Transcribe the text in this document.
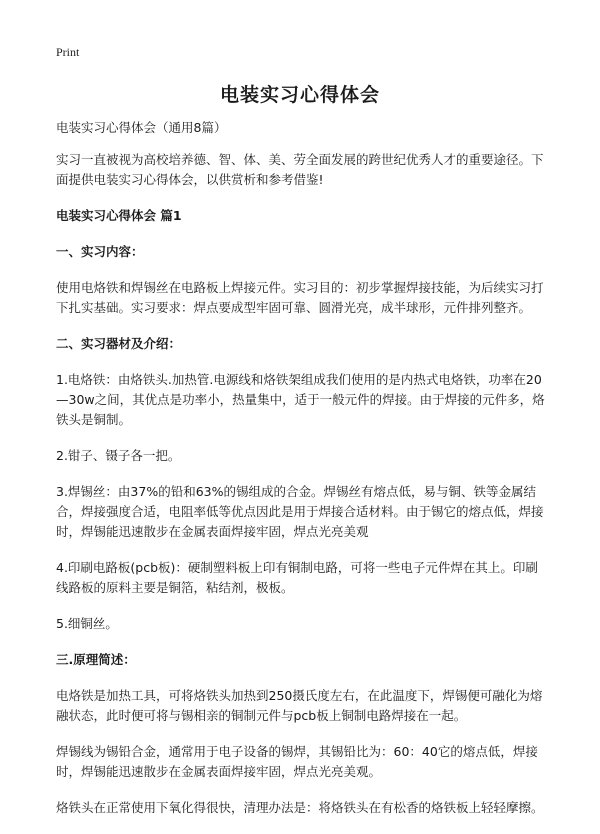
Print
电装实习心得体会

电装实习心得体会（通用8篇）

实习一直被视为高校培养德、智、体、美、劳全面发展的跨世纪优秀人才的重要途径。下面提供电装实习心得体会，以供赏析和参考借鉴!

电装实习心得体会 篇1

一、实习内容：

使用电烙铁和焊锡丝在电路板上焊接元件。实习目的：初步掌握焊接技能，为后续实习打下扎实基础。实习要求：焊点要成型牢固可靠、圆滑光亮，成半球形，元件排列整齐。

二、实习器材及介绍：

1.电烙铁：由烙铁头.加热管.电源线和烙铁架组成我们使用的是内热式电烙铁，功率在20—30w之间，其优点是功率小，热量集中，适于一般元件的焊接。由于焊接的元件多，烙铁头是铜制。

2.钳子、镊子各一把。

3.焊锡丝：由37%的铅和63%的锡组成的合金。焊锡丝有熔点低，易与铜、铁等金属结合，焊接强度合适，电阻率低等优点因此是用于焊接合适材料。由于锡它的熔点低，焊接时，焊锡能迅速散步在金属表面焊接牢固，焊点光亮美观

4.印刷电路板(pcb板)：硬制塑料板上印有铜制电路，可将一些电子元件焊在其上。印刷线路板的原料主要是铜箔，粘结剂，极板。

5.细铜丝。

三.原理简述：

电烙铁是加热工具，可将烙铁头加热到250摄氏度左右，在此温度下，焊锡便可融化为熔融状态，此时便可将与锡相亲的铜制元件与pcb板上铜制电路焊接在一起。

焊锡线为锡铅合金，通常用于电子设备的锡焊，其锡铅比为：60：40它的熔点低，焊接时，焊锡能迅速散步在金属表面焊接牢固，焊点光亮美观。

烙铁头在正常使用下氧化得很快，清理办法是：将烙铁头在有松香的烙铁板上轻轻摩擦。
